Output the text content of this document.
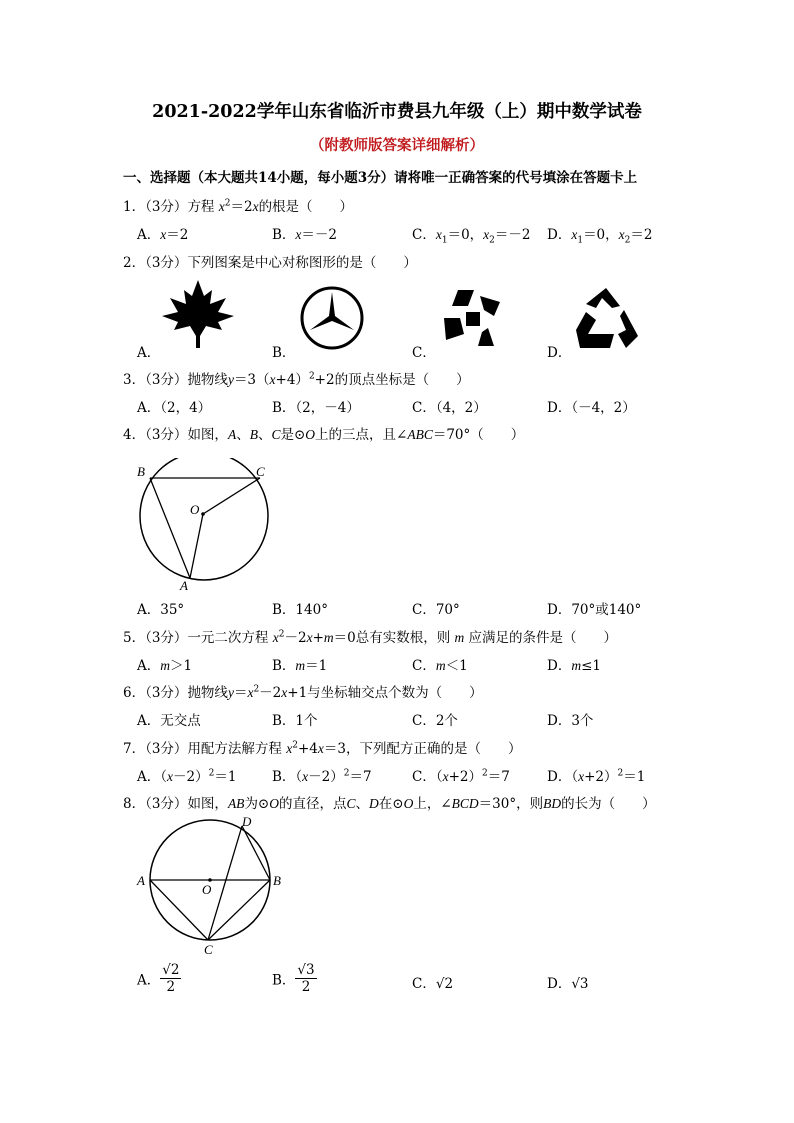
2021-2022学年山东省临沂市费县九年级（上）期中数学试卷
（附教师版答案详细解析）
一、选择题（本大题共14小题，每小题3分）请将唯一正确答案的代号填涂在答题卡上
1．（3分）方程 $x^2=2x$的根是（　　）
A．x＝2	B．x＝－2	C．$x_1=0$，$x_2=-2$ D．$x_1=0$，$x_2=2$
2．（3分）下列图案是中心对称图形的是（　　）
A．	B．	C．	D．
3．（3分）抛物线$y=3(x+4)^2+2$的顶点坐标是（　　）
A．（2，4）	B．（2，－4）	C．（4，2）	D．（－4，2）
4．（3分）如图，A、B、C是⊙O上的三点，且∠ABC＝70°（　　）
B	C
O
A
A．35°	B．140°	C．70°	D．70°或140°
5．（3分）一元二次方程 $x^2-2x+m=0$总有实数根，则 m 应满足的条件是（　　）
A．m＞1	B．m＝1	C．m＜1	D．m≤1
6．（3分）抛物线$y=x^2-2x+1$与坐标轴交点个数为（　　）
A．无交点	B．1个	C．2个	D．3个
7．（3分）用配方法解方程 $x^2+4x=3$，下列配方正确的是（　　）
A．$(x-2)^2=1$	B．$(x-2)^2=7$	C．$(x+2)^2=7$	D．$(x+2)^2=1$
8．（3分）如图，AB为⊙O的直径，点C、D在⊙O上，∠BCD＝30°，则BD的长为（　　）
A
O
B
C
D
A． $\frac{√2}{2}$	B． $\frac{√3}{2}$	C．√2	D．√3
